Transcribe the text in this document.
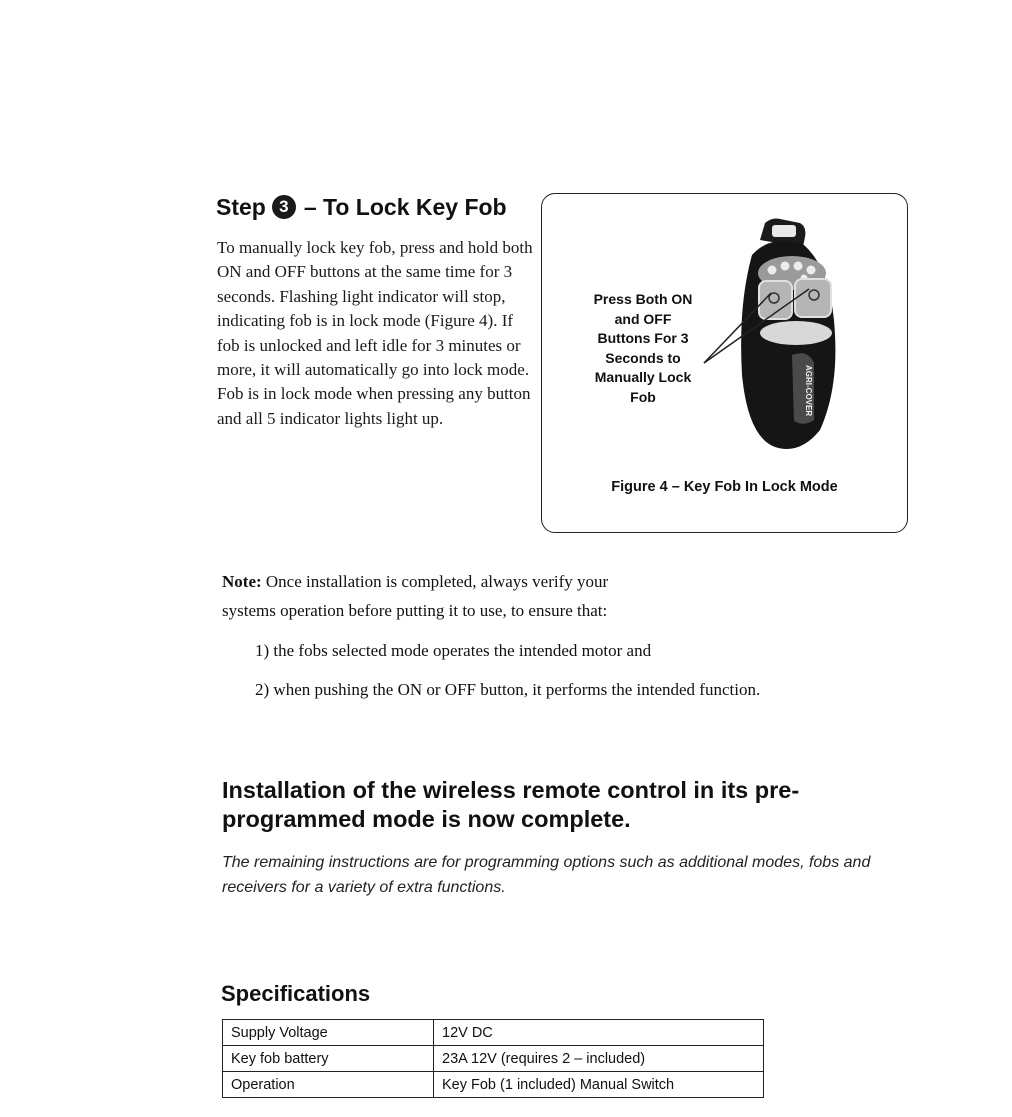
Step 3 – To Lock Key Fob
To manually lock key fob, press and hold both ON and OFF buttons at the same time for 3 seconds. Flashing light indicator will stop, indicating fob is in lock mode (Figure 4). If fob is unlocked and left idle for 3 minutes or more, it will automatically go into lock mode. Fob is in lock mode when pressing any button and all 5 indicator lights light up.
AGRI-COVER
Press Both ON
and OFF
Buttons For 3
Seconds to
Manually Lock
Fob
Figure 4 – Key Fob In Lock Mode
Note: Once installation is completed, always verify your
systems operation before putting it to use, to ensure that:
1) the fobs selected mode operates the intended motor and
2) when pushing the ON or OFF button, it performs the intended function.
Installation of the wireless remote control in its pre-programmed mode is now complete.
The remaining instructions are for programming options such as additional modes, fobs and receivers for a variety of extra functions.
Specifications
Supply Voltage	12V DC
Key fob battery	23A 12V (requires 2 – included)
Operation	Key Fob (1 included) Manual Switch
